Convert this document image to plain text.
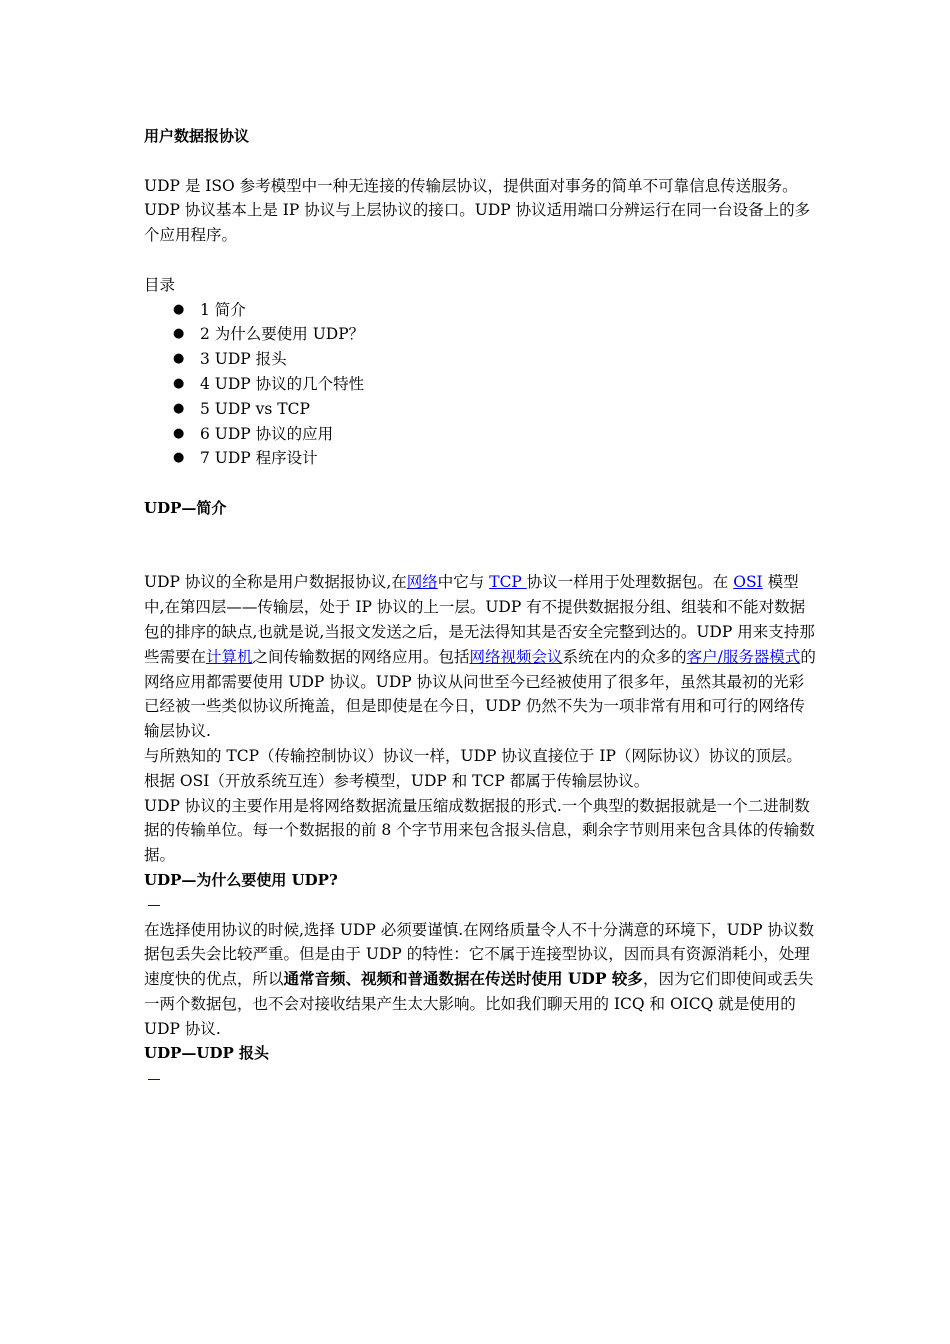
用户数据报协议

UDP 是 ISO 参考模型中一种无连接的传输层协议，提供面对事务的简单不可靠信息传送服务。 UDP 协议基本上是 IP 协议与上层协议的接口。UDP 协议适用端口分辨运行在同一台设备上的多个应用程序。

目录
● 1 简介
● 2 为什么要使用 UDP？
● 3 UDP 报头
● 4 UDP 协议的几个特性
● 5 UDP vs TCP
● 6 UDP 协议的应用
● 7 UDP 程序设计
UDP—简介

UDP 协议的全称是用户数据报协议,在网络中它与 TCP 协议一样用于处理数据包。在 OSI 模型中,在第四层——传输层，处于 IP 协议的上一层。UDP 有不提供数据报分组、组装和不能对数据包的排序的缺点,也就是说,当报文发送之后，是无法得知其是否安全完整到达的。UDP 用来支持那些需要在计算机之间传输数据的网络应用。包括网络视频会议系统在内的众多的客户/服务器模式的网络应用都需要使用 UDP 协议。UDP 协议从问世至今已经被使用了很多年，虽然其最初的光彩已经被一些类似协议所掩盖，但是即使是在今日，UDP 仍然不失为一项非常有用和可行的网络传输层协议.

与所熟知的 TCP（传输控制协议）协议一样，UDP 协议直接位于 IP（网际协议）协议的顶层。根据 OSI（开放系统互连）参考模型，UDP 和 TCP 都属于传输层协议。

UDP 协议的主要作用是将网络数据流量压缩成数据报的形式.一个典型的数据报就是一个二进制数据的传输单位。每一个数据报的前 8 个字节用来包含报头信息，剩余字节则用来包含具体的传输数据。

UDP—为什么要使用 UDP?

在选择使用协议的时候,选择 UDP 必须要谨慎.在网络质量令人不十分满意的环境下，UDP 协议数据包丢失会比较严重。但是由于 UDP 的特性：它不属于连接型协议，因而具有资源消耗小，处理速度快的优点，所以通常音频、视频和普通数据在传送时使用 UDP 较多，因为它们即使间或丢失一两个数据包，也不会对接收结果产生太大影响。比如我们聊天用的 ICQ 和 OICQ 就是使用的 UDP 协议.

UDP—UDP 报头
